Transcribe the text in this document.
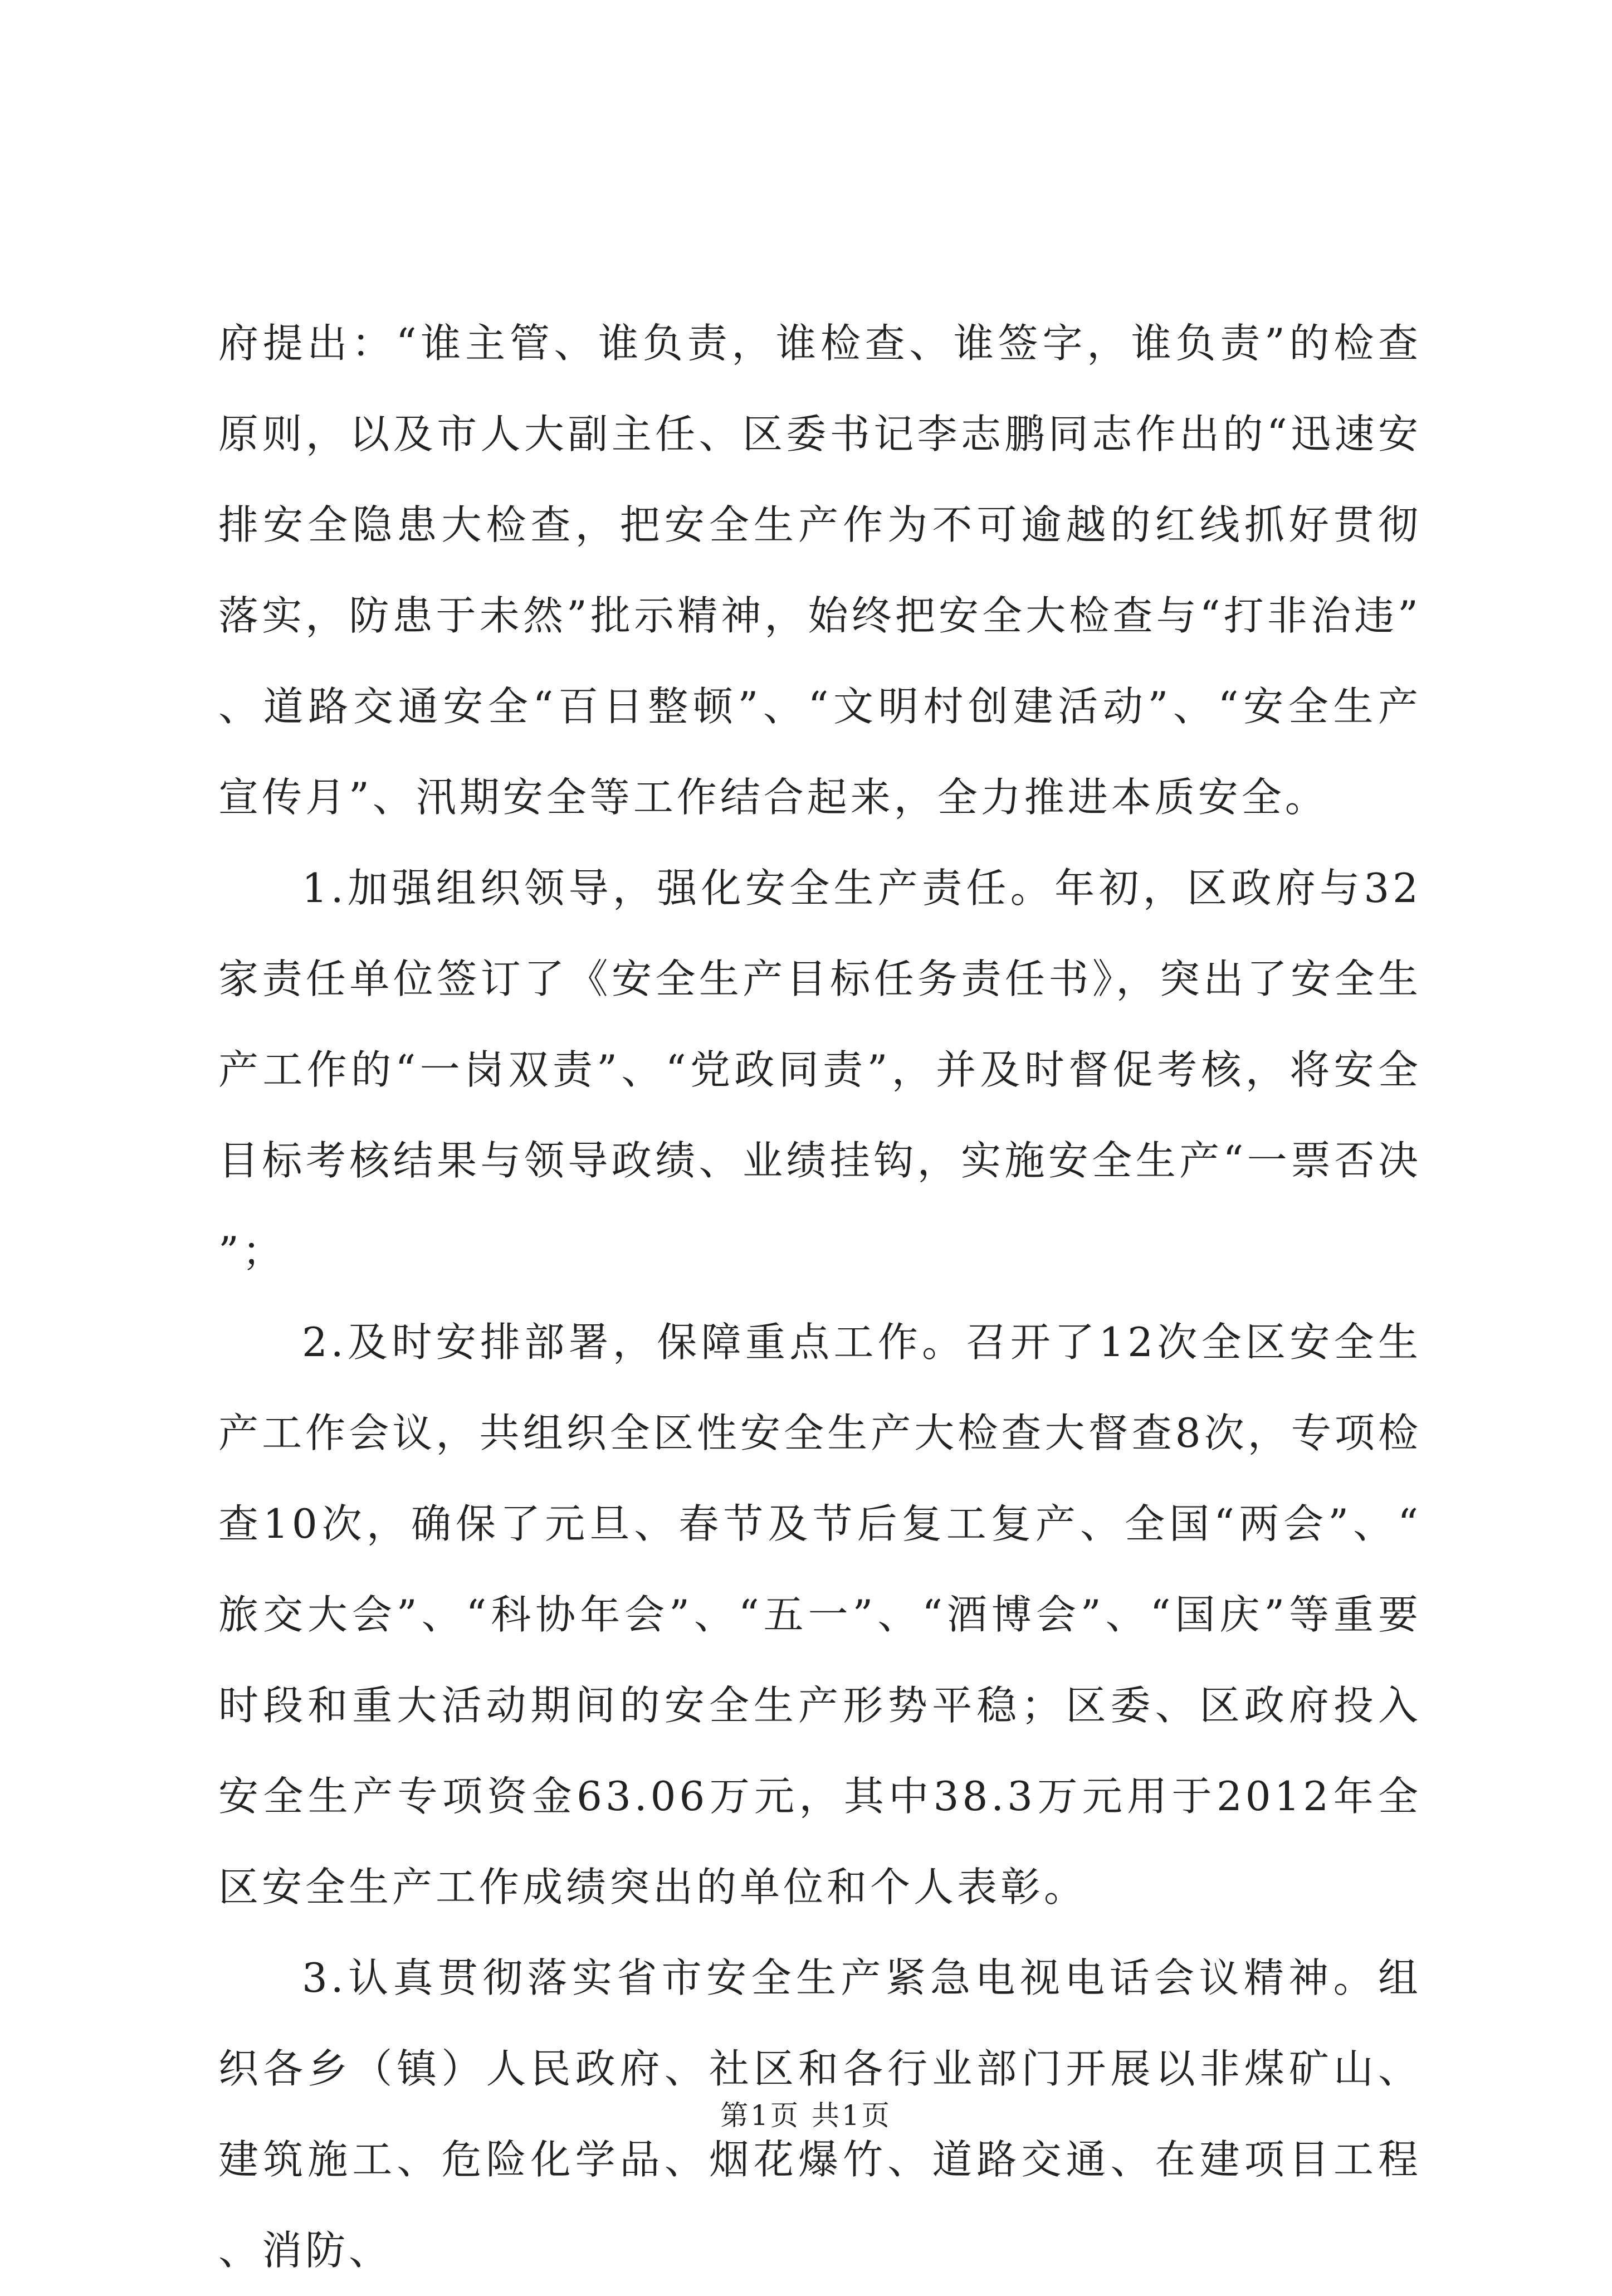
府提出：“谁主管、谁负责，谁检查、谁签字，谁负责”的检查原则，以及市人大副主任、区委书记李志鹏同志作出的“迅速安排安全隐患大检查，把安全生产作为不可逾越的红线抓好贯彻落实，防患于未然”批示精神，始终把安全大检查与“打非治违”、道路交通安全“百日整顿”、“文明村创建活动”、“安全生产宣传月”、汛期安全等工作结合起来，全力推进本质安全。

1.加强组织领导，强化安全生产责任。年初，区政府与32家责任单位签订了《安全生产目标任务责任书》，突出了安全生产工作的“一岗双责”、“党政同责”，并及时督促考核，将安全目标考核结果与领导政绩、业绩挂钩，实施安全生产“一票否决”；

2.及时安排部署，保障重点工作。召开了12次全区安全生产工作会议，共组织全区性安全生产大检查大督查8次，专项检查10次，确保了元旦、春节及节后复工复产、全国“两会”、“旅交大会”、“科协年会”、“五一”、“酒博会”、“国庆”等重要时段和重大活动期间的安全生产形势平稳；区委、区政府投入安全生产专项资金63.06万元，其中38.3万元用于2012年全区安全生产工作成绩突出的单位和个人表彰。

3.认真贯彻落实省市安全生产紧急电视电话会议精神。组织各乡（镇）人民政府、社区和各行业部门开展以非煤矿山、建筑施工、危险化学品、烟花爆竹、道路交通、在建项目工程、消防、

第1页 共1页
